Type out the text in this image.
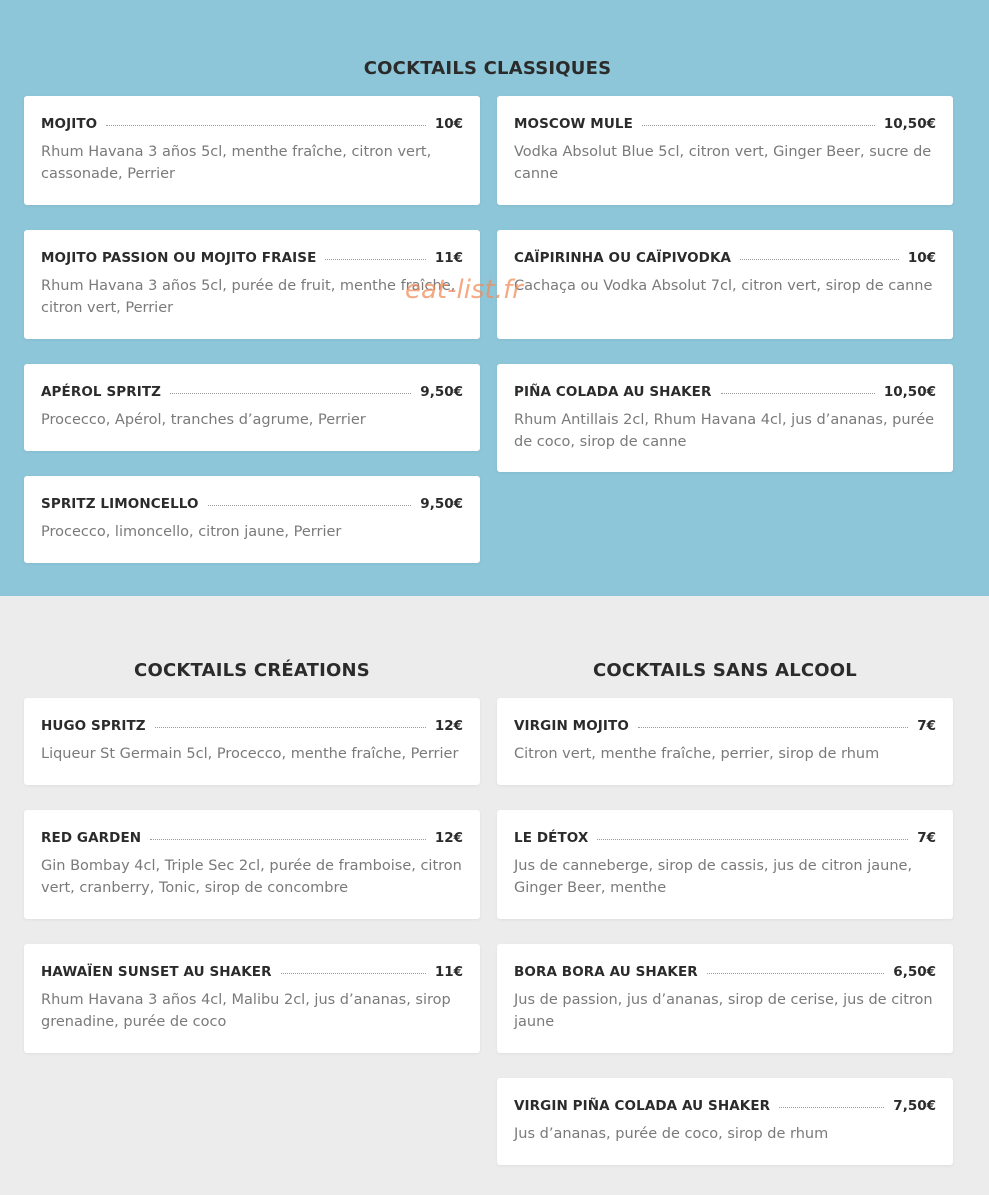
COCKTAILS CLASSIQUES
MOJITO	10€
Rhum Havana 3 años 5cl, menthe fraîche, citron vert, cassonade, Perrier
MOSCOW MULE	10,50€
Vodka Absolut Blue 5cl, citron vert, Ginger Beer, sucre de canne
MOJITO PASSION OU MOJITO FRAISE	11€
Rhum Havana 3 años 5cl, purée de fruit, menthe fraîche, citron vert, Perrier
CAÏPIRINHA OU CAÏPIVODKA	10€
Cachaça ou Vodka Absolut 7cl, citron vert, sirop de canne
APÉROL SPRITZ	9,50€
Procecco, Apérol, tranches d’agrume, Perrier
PIÑA COLADA AU SHAKER	10,50€
Rhum Antillais 2cl, Rhum Havana 4cl, jus d’ananas, purée de coco, sirop de canne
SPRITZ LIMONCELLO	9,50€
Procecco, limoncello, citron jaune, Perrier
COCKTAILS CRÉATIONS	COCKTAILS SANS ALCOOL
HUGO SPRITZ	12€
Liqueur St Germain 5cl, Procecco, menthe fraîche, Perrier
RED GARDEN	12€
Gin Bombay 4cl, Triple Sec 2cl, purée de framboise, citron vert, cranberry, Tonic, sirop de concombre
HAWAÏEN SUNSET AU SHAKER	11€
Rhum Havana 3 años 4cl, Malibu 2cl, jus d’ananas, sirop grenadine, purée de coco
VIRGIN MOJITO	7€
Citron vert, menthe fraîche, perrier, sirop de rhum
LE DÉTOX	7€
Jus de canneberge, sirop de cassis, jus de citron jaune, Ginger Beer, menthe
BORA BORA AU SHAKER	6,50€
Jus de passion, jus d’ananas, sirop de cerise, jus de citron jaune
VIRGIN PIÑA COLADA AU SHAKER	7,50€
Jus d’ananas, purée de coco, sirop de rhum
eat-list.fr
